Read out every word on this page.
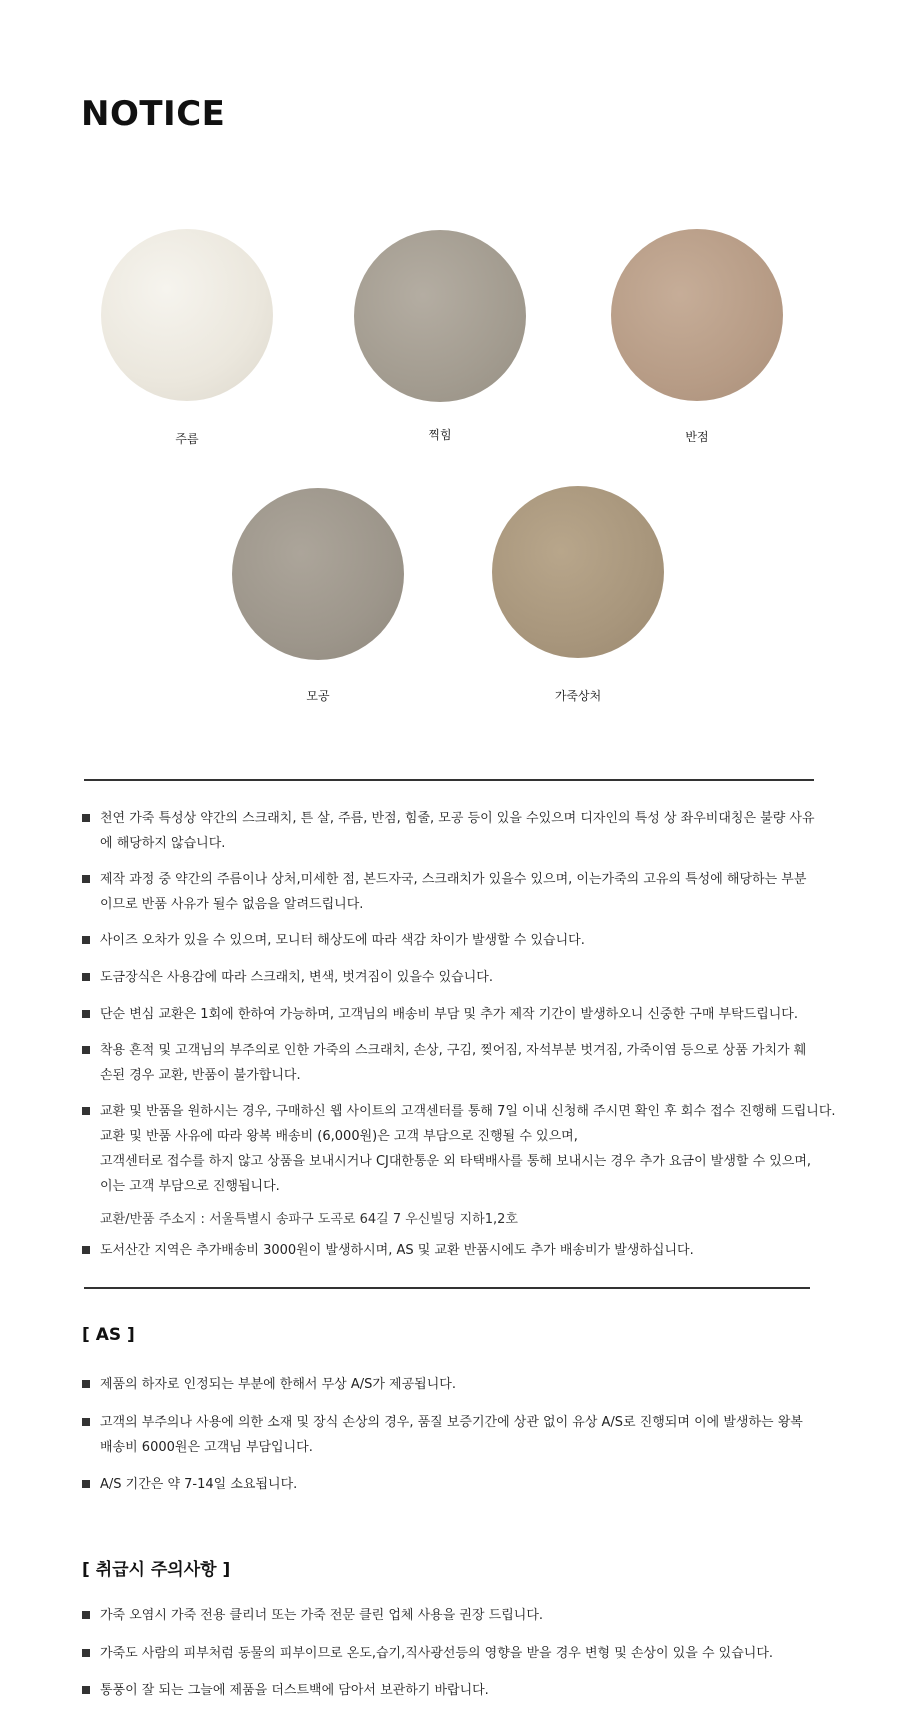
NOTICE
주름	찍힘	반점
모공	가죽상처
천연 가죽 특성상 약간의 스크래치, 튼 살, 주름, 반점, 힘줄, 모공 등이 있을 수있으며 디자인의 특성 상 좌우비대칭은 불량 사유
에 해당하지 않습니다.
제작 과정 중 약간의 주름이나 상처,미세한 점, 본드자국, 스크래치가 있을수 있으며, 이는가죽의 고유의 특성에 해당하는 부분
이므로 반품 사유가 될수 없음을 알려드립니다.
사이즈 오차가 있을 수 있으며, 모니터 해상도에 따라 색감 차이가 발생할 수 있습니다.
도금장식은 사용감에 따라 스크래치, 변색, 벗겨짐이 있을수 있습니다.
단순 변심 교환은 1회에 한하여 가능하며, 고객님의 배송비 부담 및 추가 제작 기간이 발생하오니 신중한 구매 부탁드립니다.
착용 흔적 및 고객님의 부주의로 인한 가죽의 스크래치, 손상, 구김, 찢어짐, 자석부분 벗겨짐, 가죽이염 등으로 상품 가치가 훼
손된 경우 교환, 반품이 불가합니다.
교환 및 반품을 원하시는 경우, 구매하신 웹 사이트의 고객센터를 통해 7일 이내 신청해 주시면 확인 후 회수 접수 진행해 드립니다.
교환 및 반품 사유에 따라 왕복 배송비 (6,000원)은 고객 부담으로 진행될 수 있으며,
고객센터로 접수를 하지 않고 상품을 보내시거나 CJ대한통운 외 타택배사를 통해 보내시는 경우 추가 요금이 발생할 수 있으며,
이는 고객 부담으로 진행됩니다.
교환/반품 주소지 : 서울특별시 송파구 도곡로 64길 7 우신빌딩 지하1,2호
도서산간 지역은 추가배송비 3000원이 발생하시며, AS 및 교환 반품시에도 추가 배송비가 발생하십니다.
[ AS ]
제품의 하자로 인정되는 부분에 한해서 무상 A/S가 제공됩니다.
고객의 부주의나 사용에 의한 소재 및 장식 손상의 경우, 품질 보증기간에 상관 없이 유상 A/S로 진행되며 이에 발생하는 왕복
배송비 6000원은 고객님 부담입니다.
A/S 기간은 약 7-14일 소요됩니다.
[ 취급시 주의사항 ]
가죽 오염시 가죽 전용 클리너 또는 가죽 전문 클린 업체 사용을 권장 드립니다.
가죽도 사람의 피부처럼 동물의 피부이므로 온도,습기,직사광선등의 영향을 받을 경우 변형 및 손상이 있을 수 있습니다.
통풍이 잘 되는 그늘에 제품을 더스트백에 담아서 보관하기 바랍니다.
